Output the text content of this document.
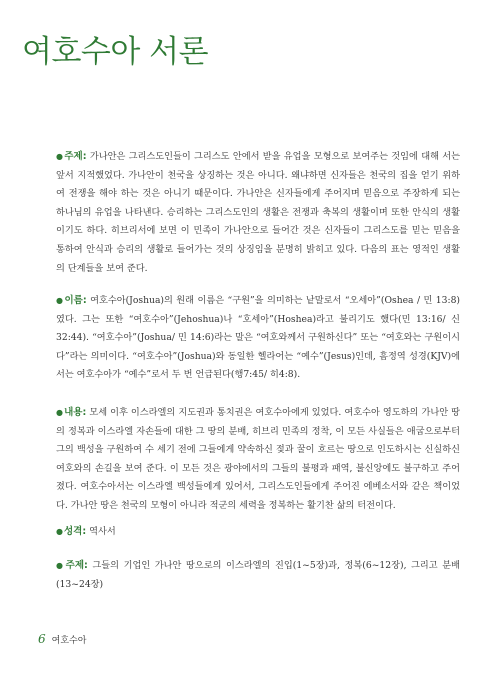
여호수아 서론
●주제: 가나안은 그리스도인들이 그리스도 안에서 받을 유업을 모형으로 보여주는 것임에 대해 서는 앞서 지적했었다. 가나안이 천국을 상징하는 것은 아니다. 왜냐하면 신자들은 천국의 집을 얻기 위하여 전쟁을 해야 하는 것은 아니기 때문이다. 가나안은 신자들에게 주어지며 믿음으로 주장하게 되는 하나님의 유업을 나타낸다. 승리하는 그리스도인의 생활은 전쟁과 축복의 생활이며 또한 안식의 생활이기도 하다. 히브리서에 보면 이 민족이 가나안으로 들어간 것은 신자들이 그리스도를 믿는 믿음을 통하여 안식과 승리의 생활로 들어가는 것의 상징임을 분명히 밝히고 있다. 다음의 표는 영적인 생활의 단계들을 보여 준다.
●이름: 여호수아(Joshua)의 원래 이름은 “구원”을 의미하는 낱말로서 “오세아”(Oshea / 민 13:8)였다. 그는 또한 “여호수아”(Jehoshua)나 “호세아”(Hoshea)라고 불리기도 했다(민 13:16/ 신 32:44). “여호수아”(Joshua/ 민 14:6)라는 말은 “여호와께서 구원하신다” 또는 “여호와는 구원이시다”라는 의미이다. “여호수아”(Joshua)와 동일한 헬라어는 “예수”(Jesus)인데, 흠정역 성경(KJV)에서는 여호수아가 “예수”로서 두 번 언급된다(행7:45/ 히4:8).
●내용: 모세 이후 이스라엘의 지도권과 통치권은 여호수아에게 있었다. 여호수아 영도하의 가나안 땅의 정복과 이스라엘 자손들에 대한 그 땅의 분배, 히브리 민족의 정착, 이 모든 사실들은 애굽으로부터 그의 백성을 구원하여 수 세기 전에 그들에게 약속하신 젖과 꿀이 흐르는 땅으로 인도하시는 신실하신 여호와의 손길을 보여 준다. 이 모든 것은 광야에서의 그들의 불평과 패역, 불신앙에도 불구하고 주어졌다. 여호수아서는 이스라엘 백성들에게 있어서, 그리스도인들에게 주어진 에베소서와 같은 책이었다. 가나안 땅은 천국의 모형이 아니라 적군의 세력을 정복하는 활기찬 삶의 터전이다.
●성격: 역사서
●주제: 그들의 기업인 가나안 땅으로의 이스라엘의 진입(1~5장)과, 정복(6~12장), 그리고 분배(13~24장)
6 여호수아
